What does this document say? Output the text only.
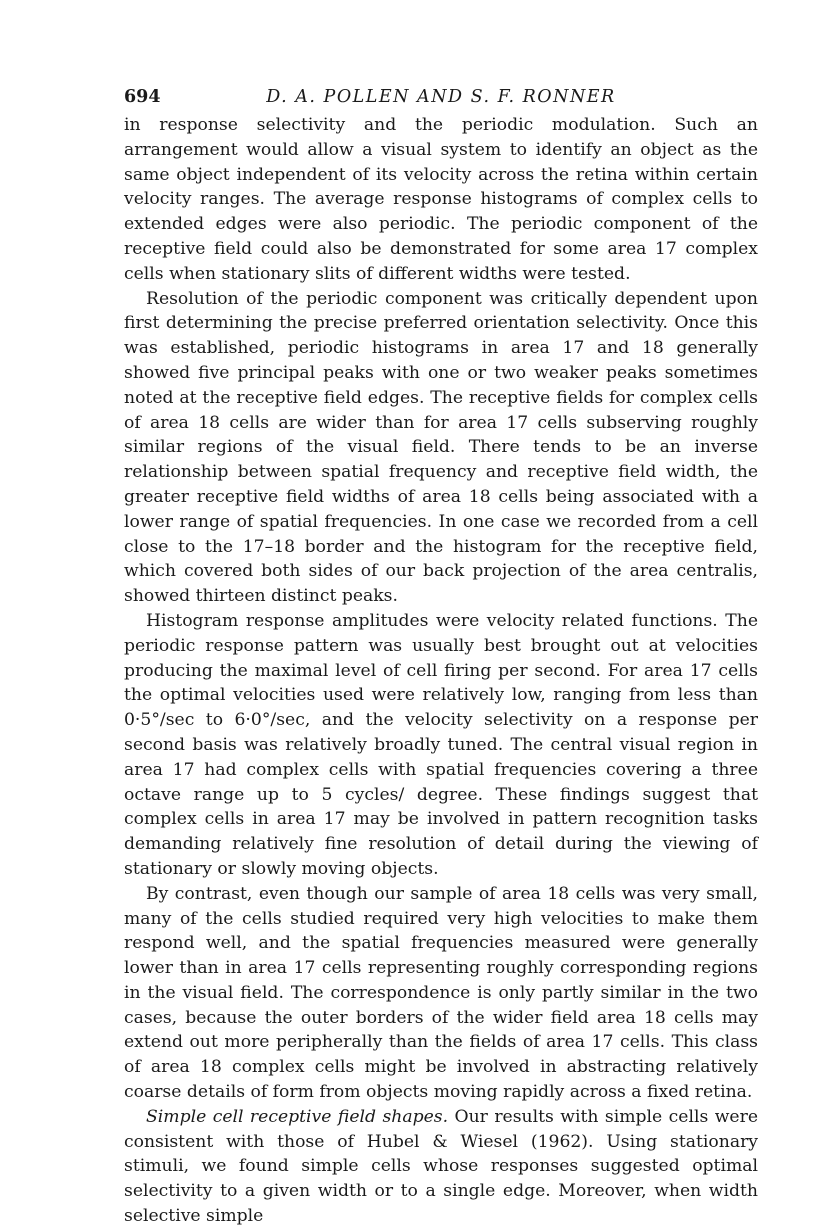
694	D. A. POLLEN AND S. F. RONNER

in response selectivity and the periodic modulation. Such an arrangement would allow a visual system to identify an object as the same object independent of its velocity across the retina within certain velocity ranges. The average response histograms of complex cells to extended edges were also periodic. The periodic component of the receptive field could also be demonstrated for some area 17 complex cells when stationary slits of different widths were tested.

Resolution of the periodic component was critically dependent upon first determining the precise preferred orientation selectivity. Once this was established, periodic histograms in area 17 and 18 generally showed five principal peaks with one or two weaker peaks sometimes noted at the receptive field edges. The receptive fields for complex cells of area 18 cells are wider than for area 17 cells subserving roughly similar regions of the visual field. There tends to be an inverse relationship between spatial frequency and receptive field width, the greater receptive field widths of area 18 cells being associated with a lower range of spatial frequencies. In one case we recorded from a cell close to the 17–18 border and the histogram for the receptive field, which covered both sides of our back projection of the area centralis, showed thirteen distinct peaks.

Histogram response amplitudes were velocity related functions. The periodic response pattern was usually best brought out at velocities producing the maximal level of cell firing per second. For area 17 cells the optimal velocities used were relatively low, ranging from less than 0·5°/sec to 6·0°/sec, and the velocity selectivity on a response per second basis was relatively broadly tuned. The central visual region in area 17 had complex cells with spatial frequencies covering a three octave range up to 5 cycles/ degree. These findings suggest that complex cells in area 17 may be involved in pattern recognition tasks demanding relatively fine resolution of detail during the viewing of stationary or slowly moving objects.

By contrast, even though our sample of area 18 cells was very small, many of the cells studied required very high velocities to make them respond well, and the spatial frequencies measured were generally lower than in area 17 cells representing roughly corresponding regions in the visual field. The correspondence is only partly similar in the two cases, because the outer borders of the wider field area 18 cells may extend out more peripherally than the fields of area 17 cells. This class of area 18 complex cells might be involved in abstracting relatively coarse details of form from objects moving rapidly across a fixed retina.

Simple cell receptive field shapes. Our results with simple cells were consistent with those of Hubel & Wiesel (1962). Using stationary stimuli, we found simple cells whose responses suggested optimal selectivity to a given width or to a single edge. Moreover, when width selective simple
